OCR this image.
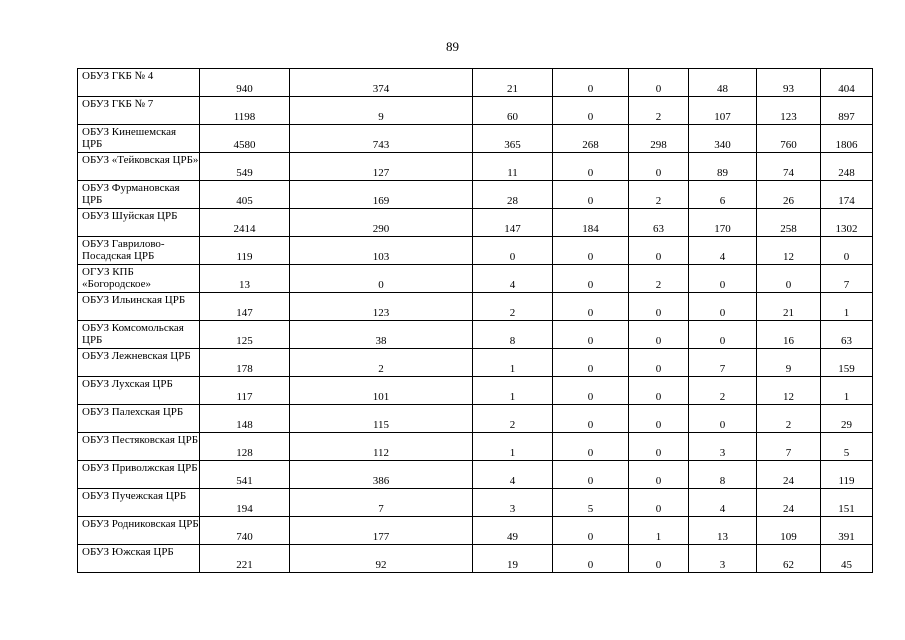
89
ОБУЗ ГКБ № 4	940	374	21	0	0	48	93	404
ОБУЗ ГКБ № 7	1198	9	60	0	2	107	123	897
ОБУЗ Кинешемская ЦРБ	4580	743	365	268	298	340	760	1806
ОБУЗ «Тейковская ЦРБ»	549	127	11	0	0	89	74	248
ОБУЗ Фурмановская ЦРБ	405	169	28	0	2	6	26	174
ОБУЗ Шуйская ЦРБ	2414	290	147	184	63	170	258	1302
ОБУЗ Гаврилово-Посадская ЦРБ	119	103	0	0	0	4	12	0
ОГУЗ КПБ «Богородское»	13	0	4	0	2	0	0	7
ОБУЗ Ильинская ЦРБ	147	123	2	0	0	0	21	1
ОБУЗ Комсомольская ЦРБ	125	38	8	0	0	0	16	63
ОБУЗ Лежневская ЦРБ	178	2	1	0	0	7	9	159
ОБУЗ Лухская ЦРБ	117	101	1	0	0	2	12	1
ОБУЗ Палехская ЦРБ	148	115	2	0	0	0	2	29
ОБУЗ Пестяковская ЦРБ	128	112	1	0	0	3	7	5
ОБУЗ Приволжская ЦРБ	541	386	4	0	0	8	24	119
ОБУЗ Пучежская ЦРБ	194	7	3	5	0	4	24	151
ОБУЗ Родниковская ЦРБ	740	177	49	0	1	13	109	391
ОБУЗ Южская ЦРБ	221	92	19	0	0	3	62	45
